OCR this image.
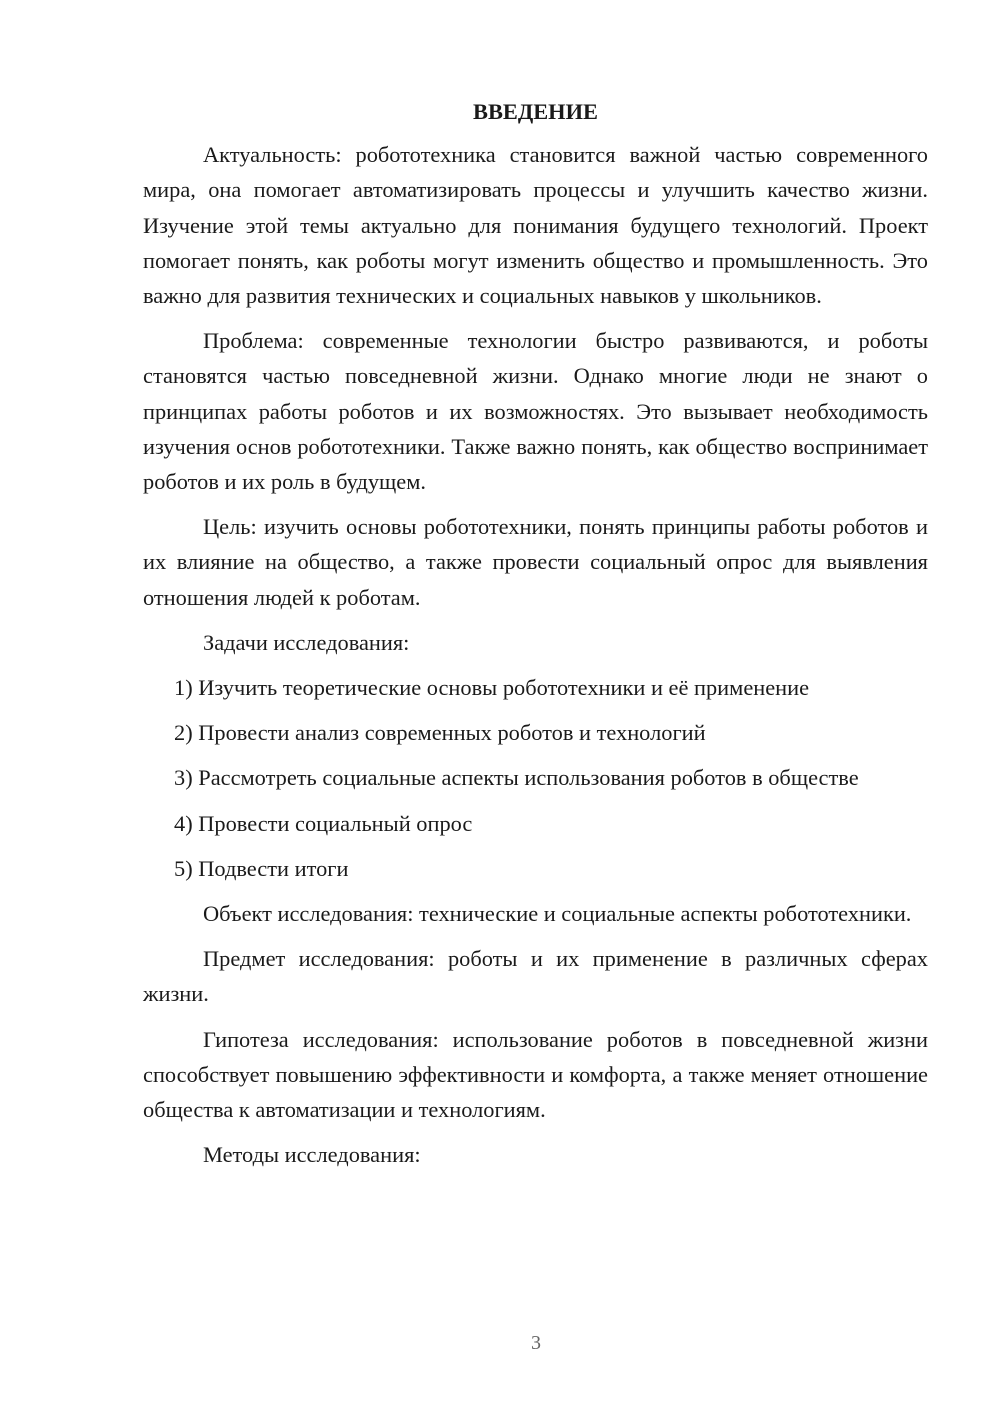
ВВЕДЕНИЕ

Актуальность: робототехника становится важной частью современного мира, она помогает автоматизировать процессы и улучшить качество жизни. Изучение этой темы актуально для понимания будущего технологий. Проект помогает понять, как роботы могут изменить общество и промышленность. Это важно для развития технических и социальных навыков у школьников.

Проблема: современные технологии быстро развиваются, и роботы становятся частью повседневной жизни. Однако многие люди не знают о принципах работы роботов и их возможностях. Это вызывает необходимость изучения основ робототехники. Также важно понять, как общество воспринимает роботов и их роль в будущем.

Цель: изучить основы робототехники, понять принципы работы роботов и их влияние на общество, а также провести социальный опрос для выявления отношения людей к роботам.

Задачи исследования:

1) Изучить теоретические основы робототехники и её применение

2) Провести анализ современных роботов и технологий

3) Рассмотреть социальные аспекты использования роботов в обществе

4) Провести социальный опрос

5) Подвести итоги

Объект исследования: технические и социальные аспекты робототехники.

Предмет исследования: роботы и их применение в различных сферах жизни.

Гипотеза исследования: использование роботов в повседневной жизни способствует повышению эффективности и комфорта, а также меняет отношение общества к автоматизации и технологиям.

Методы исследования:

3
